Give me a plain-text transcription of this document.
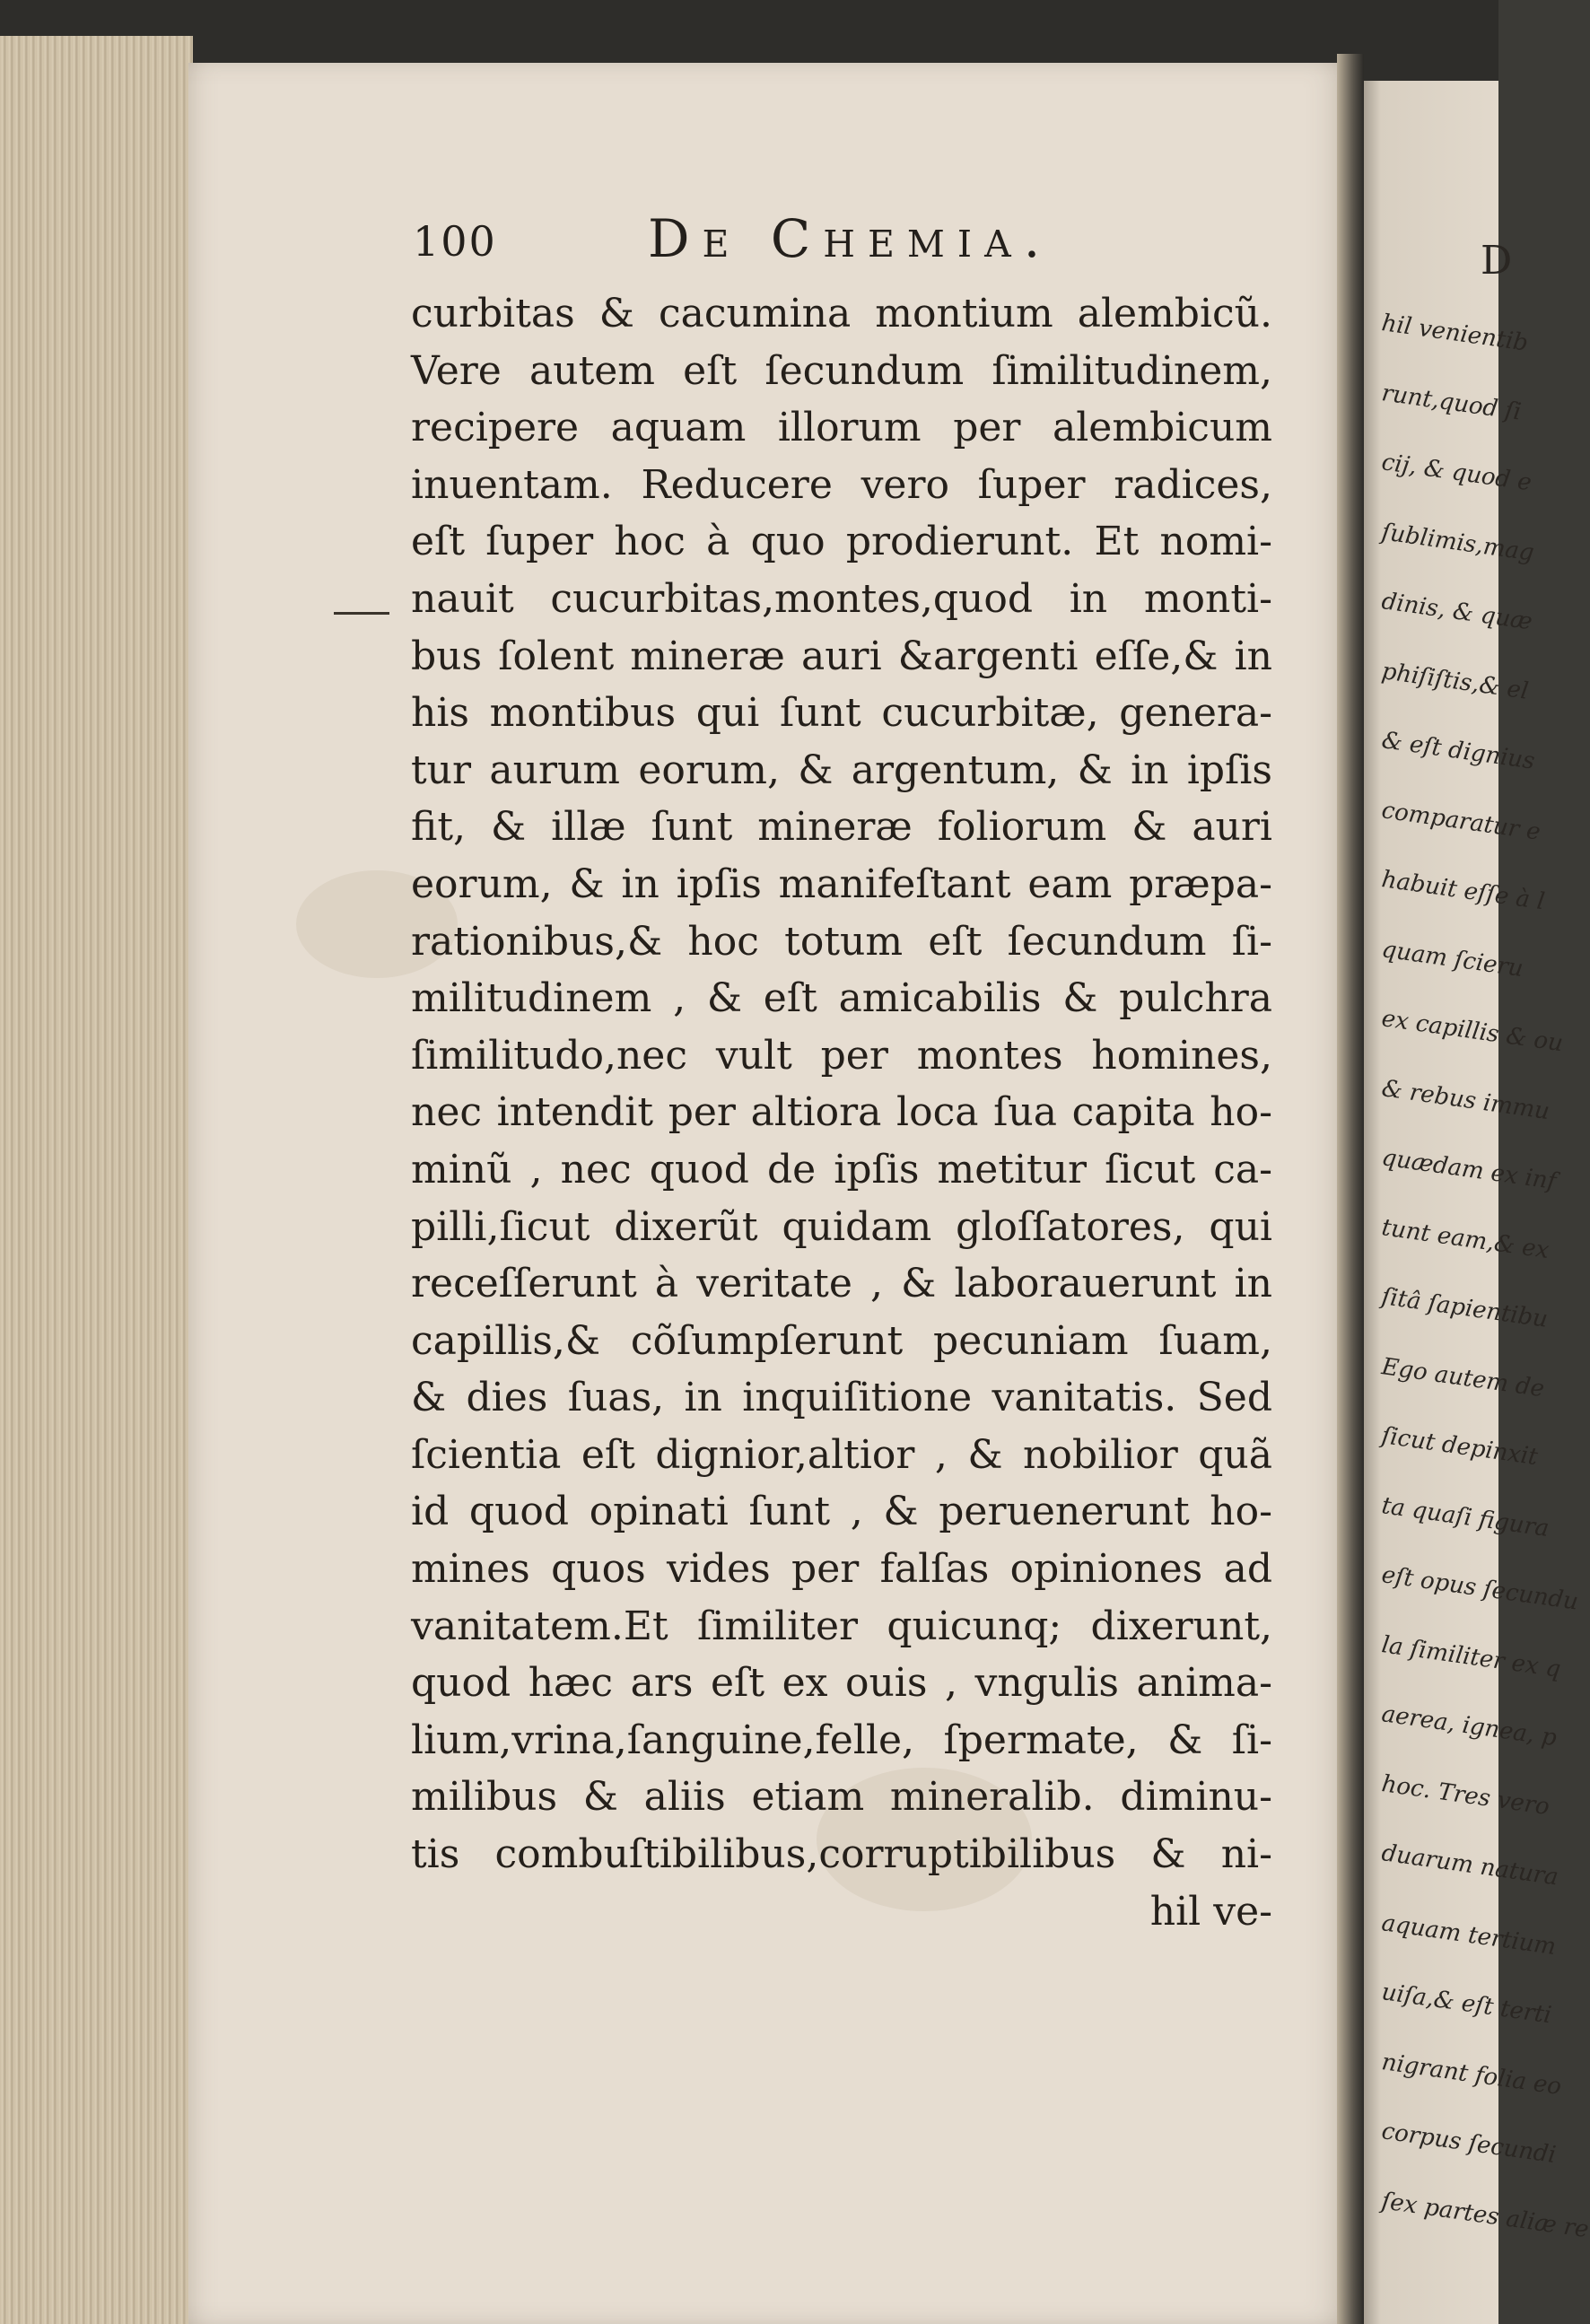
hil venientib
runt,quod ſi
cij, & quod e
ſublimis,mag
dinis, & quæ
phiſiſtis,& el
& eſt dignius
comparatur e
habuit eſſe à l
quam ſcieru
ex capillis & ou
& rebus immu
quædam ex inf
tunt eam,& ex
ſitâ ſapientibu
Ego autem de
ſicut depinxit
ta quaſi figura
eſt opus ſecundu
la ſimiliter ex q
aerea, ignea, p
hoc. Tres vero
duarum natura
aquam tertium
uiſa,& eſt terti
nigrant folia eo
corpus ſecundi
ſex partes aliæ re
D
100	De Chemia.
curbitas & cacumina montium alembicũ.
Vere autem eſt ſecundum ſimilitudinem,
recipere aquam illorum per alembicum
inuentam. Reducere vero ſuper radices,
eſt ſuper hoc à quo prodierunt. Et nomi-
nauit cucurbitas,montes,quod in monti-
bus ſolent mineræ auri &argenti eſſe,& in
his montibus qui ſunt cucurbitæ, genera-
tur aurum eorum, & argentum, & in ipſis
fit, & illæ ſunt mineræ foliorum & auri
eorum, & in ipſis manifeſtant eam præpa-
rationibus,& hoc totum eſt ſecundum ſi-
militudinem , & eſt amicabilis & pulchra
ſimilitudo,nec vult per montes homines,
nec intendit per altiora loca ſua capita ho-
minũ , nec quod de ipſis metitur ſicut ca-
pilli,ſicut dixerũt quidam gloſſatores, qui
receſſerunt à veritate , & laborauerunt in
capillis,& cõſumpſerunt pecuniam ſuam,
& dies ſuas, in inquiſitione vanitatis. Sed
ſcientia eſt dignior,altior , & nobilior quã
id quod opinati ſunt , & peruenerunt ho-
mines quos vides per falſas opiniones ad
vanitatem.Et ſimiliter quicunq; dixerunt,
quod hæc ars eſt ex ouis , vngulis anima-
lium,vrina,ſanguine,felle, ſpermate, & ſi-
milibus & aliis etiam mineralib. diminu-
tis combuſtibilibus,corruptibilibus & ni-
hil ve-
